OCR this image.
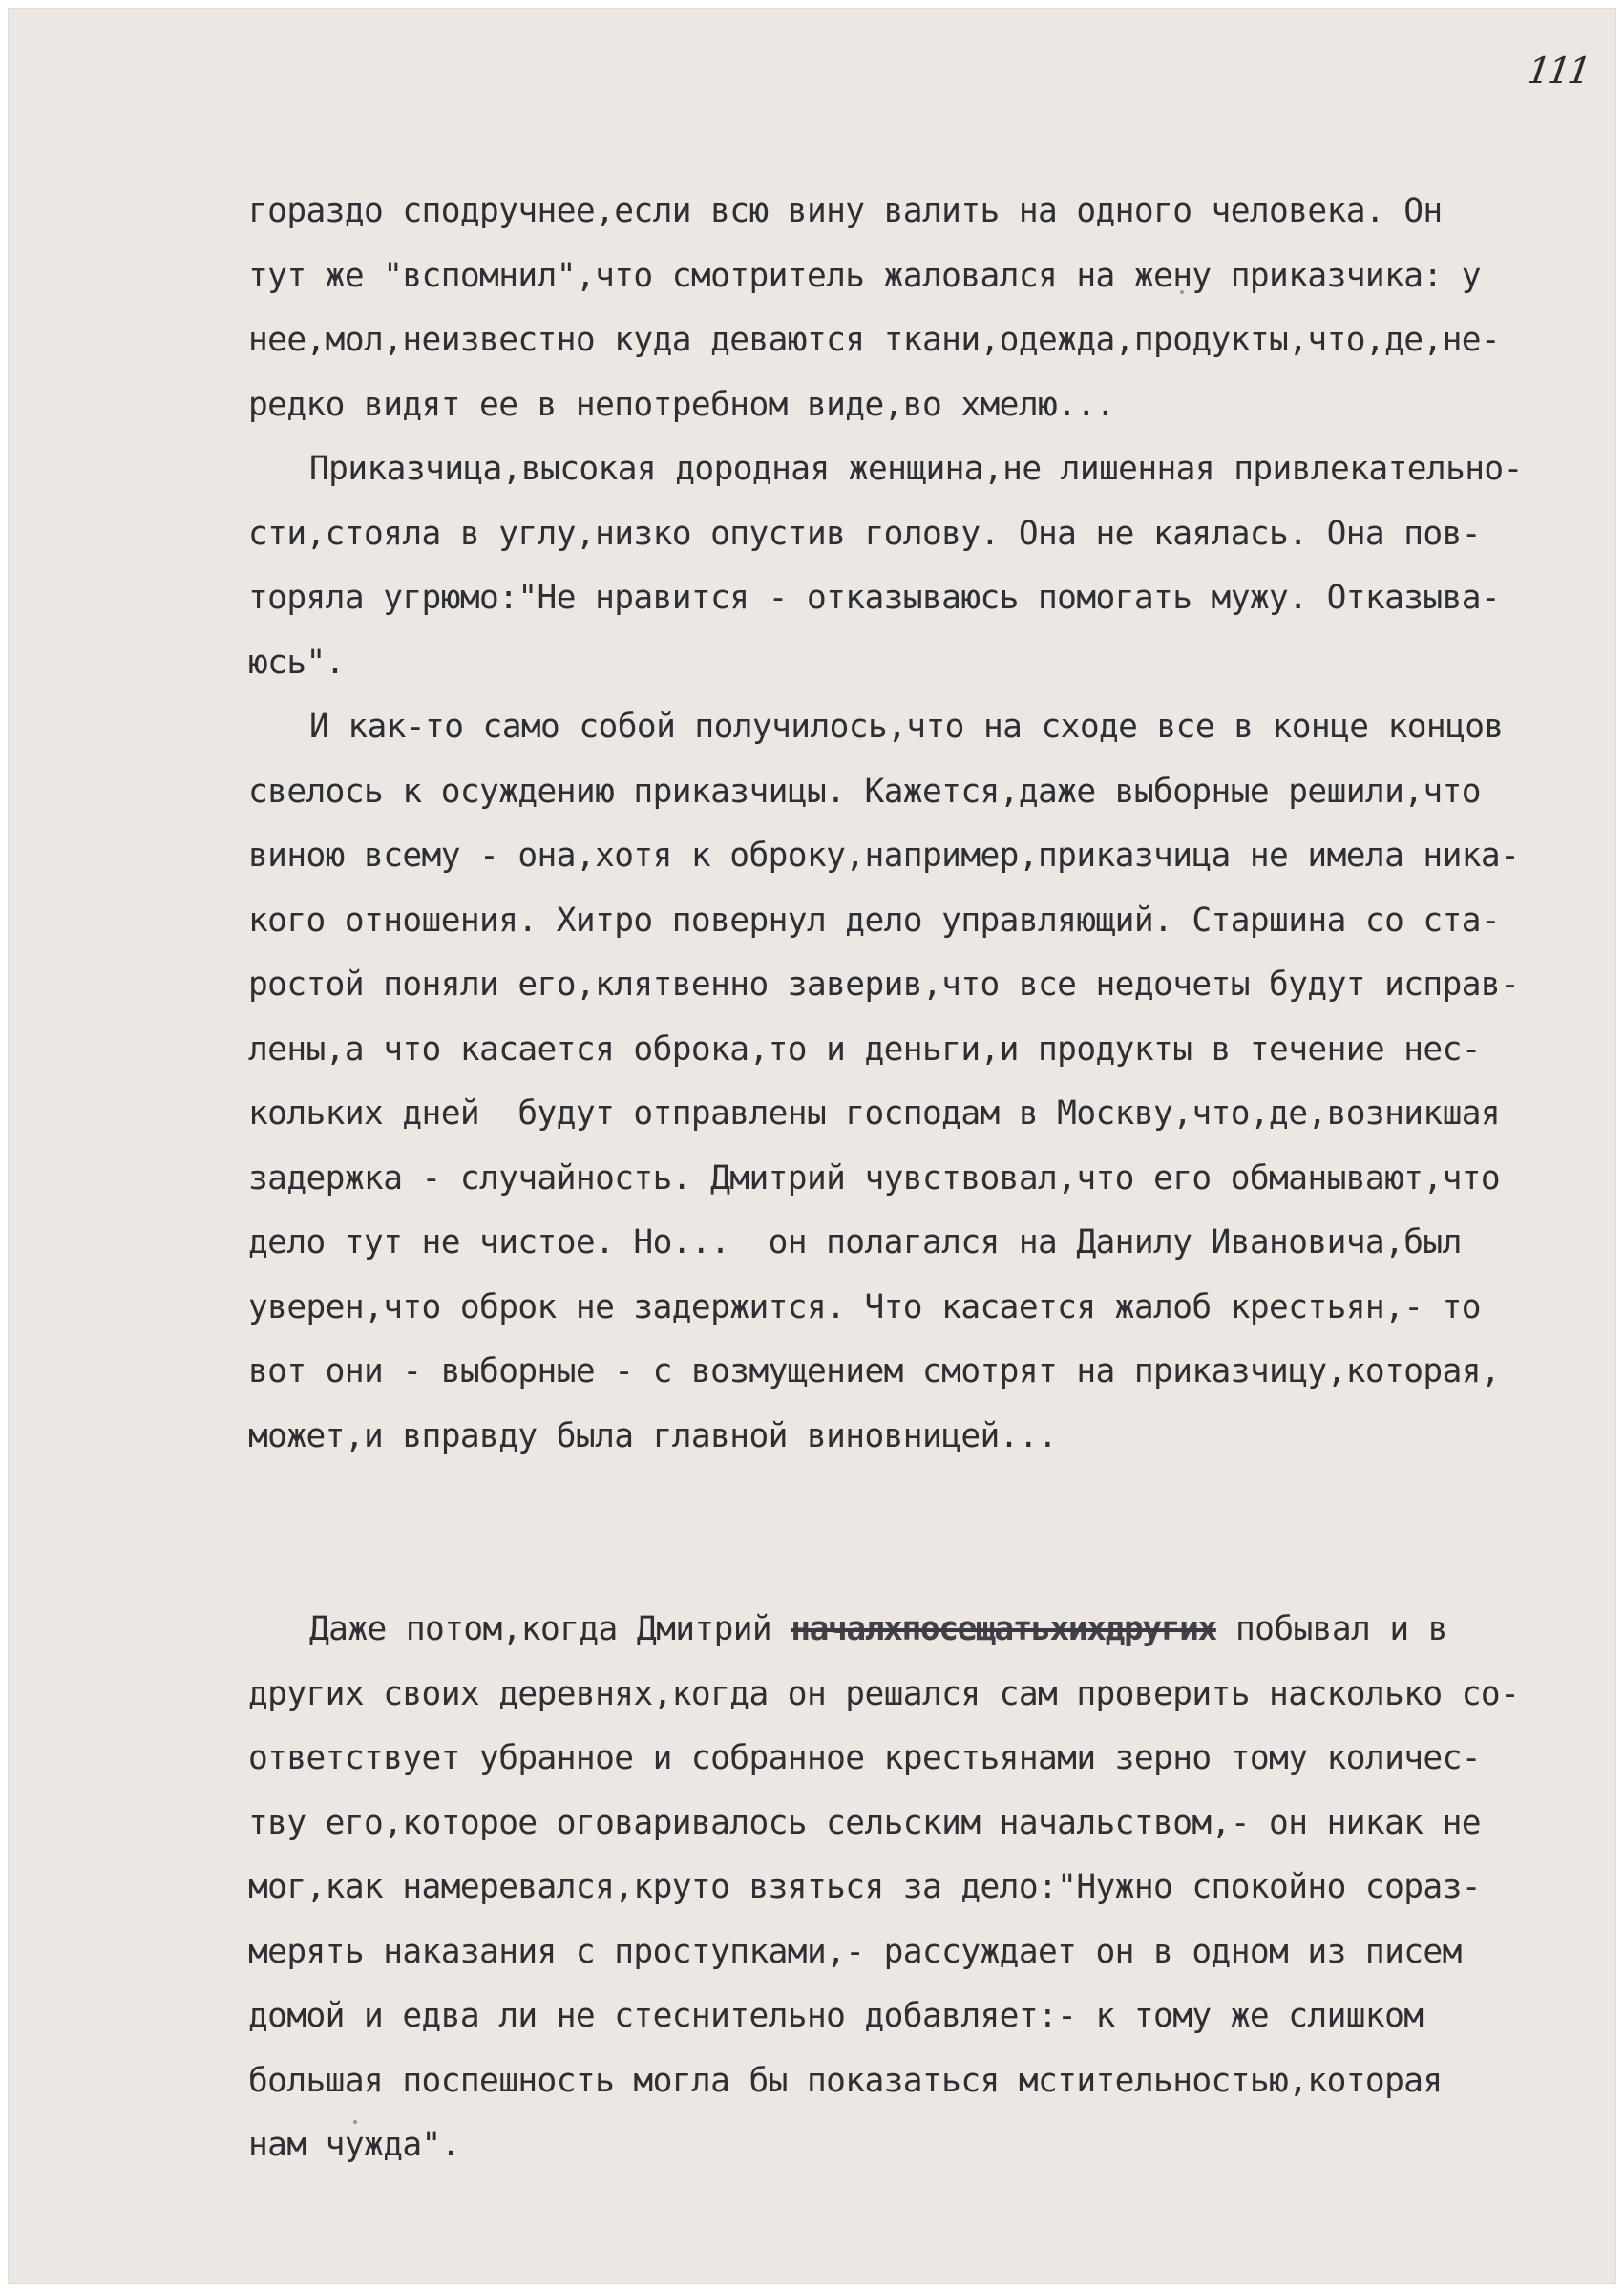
111
гораздо сподручнее,если всю вину валить на одного человека. Он
тут же "вспомнил",что смотритель жаловался на жену приказчика: у
нее,мол,неизвестно куда деваются ткани,одежда,продукты,что,де,не-
редко видят ее в непотребном виде,во хмелю...
Приказчица,высокая дородная женщина,не лишенная привлекательно-
сти,стояла в углу,низко опустив голову. Она не каялась. Она пов-
торяла угрюмо:"Не нравится - отказываюсь помогать мужу. Отказыва-
юсь".
И как-то само собой получилось,что на сходе все в конце концов
свелось к осуждению приказчицы. Кажется,даже выборные решили,что
виною всему - она,хотя к оброку,например,приказчица не имела ника-
кого отношения. Хитро повернул дело управляющий. Старшина со ста-
ростой поняли его,клятвенно заверив,что все недочеты будут исправ-
лены,а что касается оброка,то и деньги,и продукты в течение нес-
кольких дней  будут отправлены господам в Москву,что,де,возникшая
задержка - случайность. Дмитрий чувствовал,что его обманывают,что
дело тут не чистое. Но...  он полагался на Данилу Ивановича,был
уверен,что оброк не задержится. Что касается жалоб крестьян,- то
вот они - выборные - с возмущением смотрят на приказчицу,которая,
может,и вправду была главной виновницей...
Даже потом,когда Дмитрий началхпосещатьхихдругих побывал и в
других своих деревнях,когда он решался сам проверить насколько со-
ответствует убранное и собранное крестьянами зерно тому количес-
тву его,которое оговаривалось сельским начальством,- он никак не
мог,как намеревался,круто взяться за дело:"Нужно спокойно сораз-
мерять наказания с проступками,- рассуждает он в одном из писем
домой и едва ли не стеснительно добавляет:- к тому же слишком
большая поспешность могла бы показаться мстительностью,которая
нам чужда".
